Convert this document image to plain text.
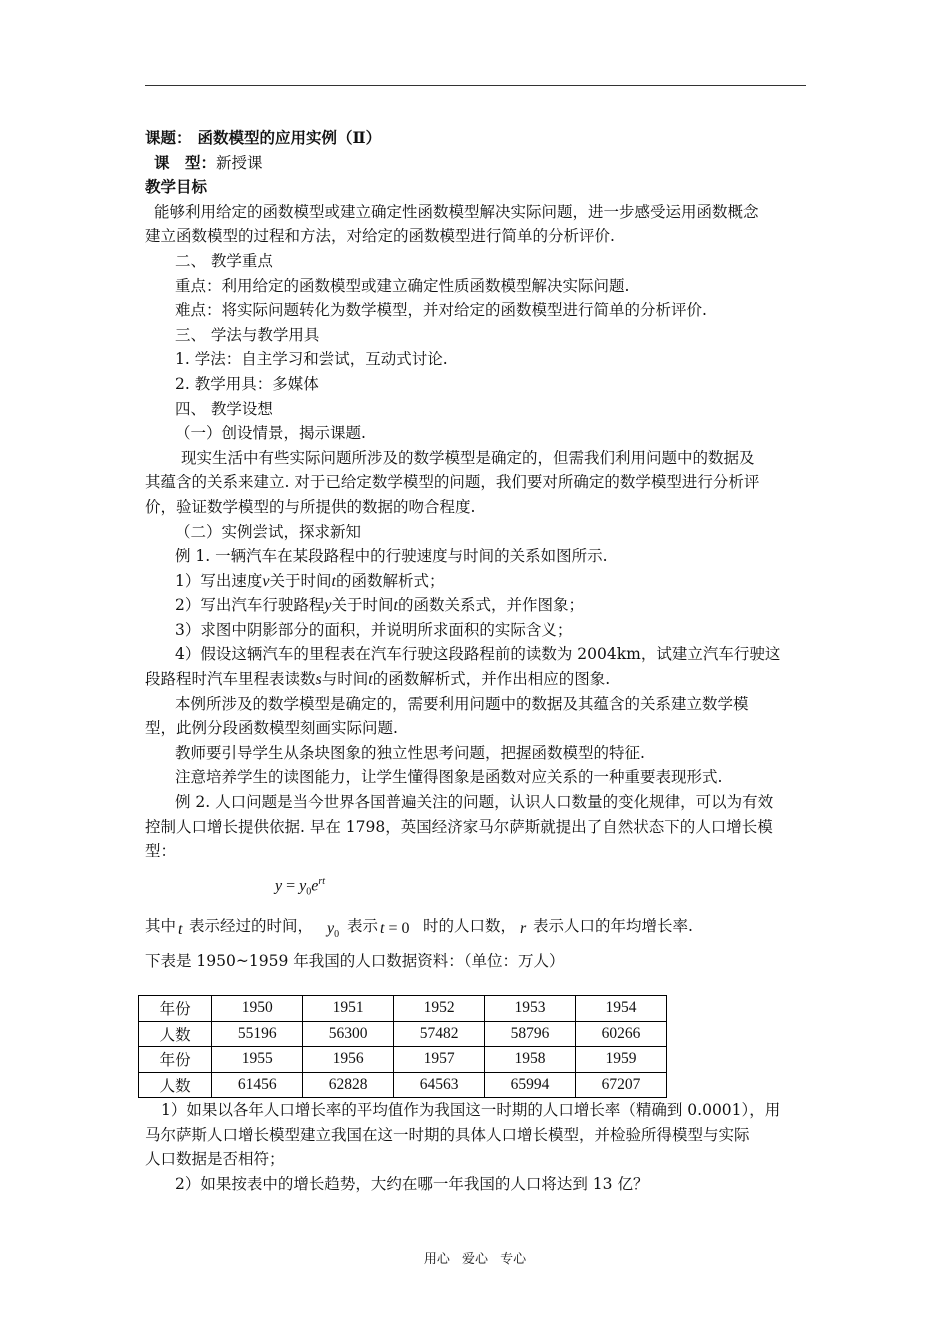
课题： 函数模型的应用实例（Ⅱ）
课　型：新授课
教学目标
能够利用给定的函数模型或建立确定性函数模型解决实际问题，进一步感受运用函数概念
建立函数模型的过程和方法，对给定的函数模型进行简单的分析评价.
二、 教学重点
重点：利用给定的函数模型或建立确定性质函数模型解决实际问题.
难点：将实际问题转化为数学模型，并对给定的函数模型进行简单的分析评价.
三、 学法与教学用具
1. 学法：自主学习和尝试，互动式讨论.
2. 教学用具：多媒体
四、 教学设想
（一）创设情景，揭示课题.
现实生活中有些实际问题所涉及的数学模型是确定的，但需我们利用问题中的数据及
其蕴含的关系来建立. 对于已给定数学模型的问题，我们要对所确定的数学模型进行分析评
价，验证数学模型的与所提供的数据的吻合程度.
（二）实例尝试，探求新知
例 1. 一辆汽车在某段路程中的行驶速度与时间的关系如图所示.
1）写出速度v关于时间t的函数解析式；
2）写出汽车行驶路程y关于时间t的函数关系式，并作图象；
3）求图中阴影部分的面积，并说明所求面积的实际含义；
4）假设这辆汽车的里程表在汽车行驶这段路程前的读数为 2004km，试建立汽车行驶这
段路程时汽车里程表读数s与时间t的函数解析式，并作出相应的图象.
本例所涉及的数学模型是确定的，需要利用问题中的数据及其蕴含的关系建立数学模
型，此例分段函数模型刻画实际问题.
教师要引导学生从条块图象的独立性思考问题，把握函数模型的特征.
注意培养学生的读图能力，让学生懂得图象是函数对应关系的一种重要表现形式.
例 2. 人口问题是当今世界各国普遍关注的问题，认识人口数量的变化规律，可以为有效
控制人口增长提供依据. 早在 1798，英国经济家马尔萨斯就提出了自然状态下的人口增长模
型：
$y = y_0e^{rt}$
其中 t 表示经过的时间， $y_0$ 表示 t = 0 时的人口数， r 表示人口的年均增长率.
下表是 1950~1959 年我国的人口数据资料：（单位：万人）
年份	1950	1951	1952	1953	1954
人数	55196	56300	57482	58796	60266
年份	1955	1956	1957	1958	1959
人数	61456	62828	64563	65994	67207
1）如果以各年人口增长率的平均值作为我国这一时期的人口增长率（精确到 0.0001），用
马尔萨斯人口增长模型建立我国在这一时期的具体人口增长模型，并检验所得模型与实际
人口数据是否相符；
2）如果按表中的增长趋势，大约在哪一年我国的人口将达到 13 亿？
用心 爱心 专心
